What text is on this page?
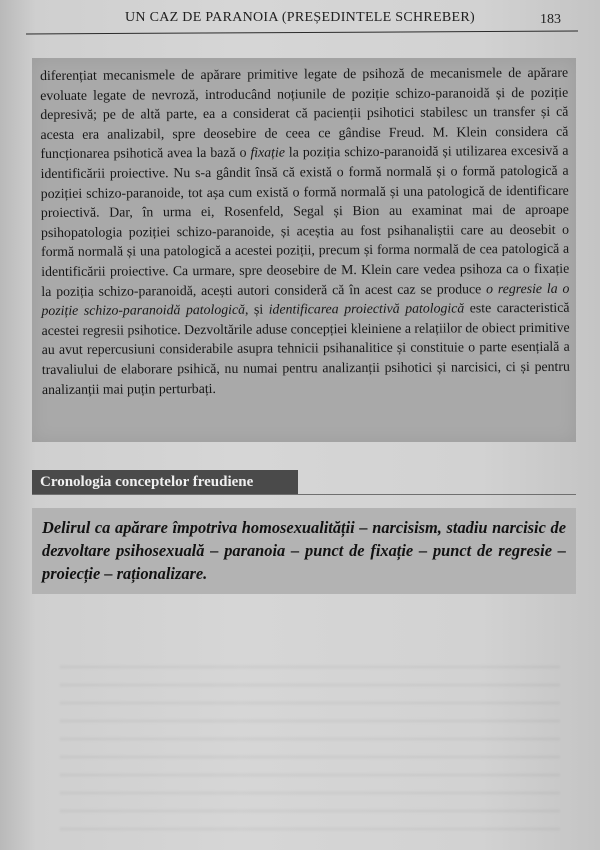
UN CAZ DE PARANOIA (PREȘEDINTELE SCHREBER)	183
diferențiat mecanismele de apărare primitive legate de psihoză de mecanismele de apărare evoluate legate de nevroză, introducând noțiunile de poziție schizo-paranoidă și de poziție depresivă; pe de altă parte, ea a considerat că pacienții psihotici stabilesc un transfer și că acesta era analizabil, spre deosebire de ceea ce gândise Freud. M. Klein considera că funcționarea psihotică avea la bază o fixație la poziția schizo-paranoidă și utilizarea excesivă a identificării proiective. Nu s-a gândit însă că există o formă normală și o formă patologică a poziției schizo-paranoide, tot așa cum există o formă normală și una patologică de identificare proiectivă. Dar, în urma ei, Rosenfeld, Segal și Bion au examinat mai de aproape psihopatologia poziției schizo-paranoide, și aceștia au fost psihanaliștii care au deosebit o formă normală și una patologică a acestei poziții, precum și forma normală de cea patologică a identificării proiective. Ca urmare, spre deosebire de M. Klein care vedea psihoza ca o fixație la poziția schizo-paranoidă, acești autori consideră că în acest caz se produce o regresie la o poziție schizo-paranoidă patologică, și identificarea proiectivă patologică este caracteristică acestei regresii psihotice. Dezvoltările aduse concepției kleiniene a relațiilor de obiect primitive au avut repercusiuni considerabile asupra tehnicii psihanalitice și constituie o parte esențială a travaliului de elaborare psihică, nu numai pentru analizanții psihotici și narcisici, ci și pentru analizanții mai puțin perturbați.
Cronologia conceptelor freudiene
Delirul ca apărare împotriva homosexualității – narcisism, stadiu narcisic de dezvoltare psihosexuală – paranoia – punct de fixație – punct de regresie – proiecție – raționalizare.
